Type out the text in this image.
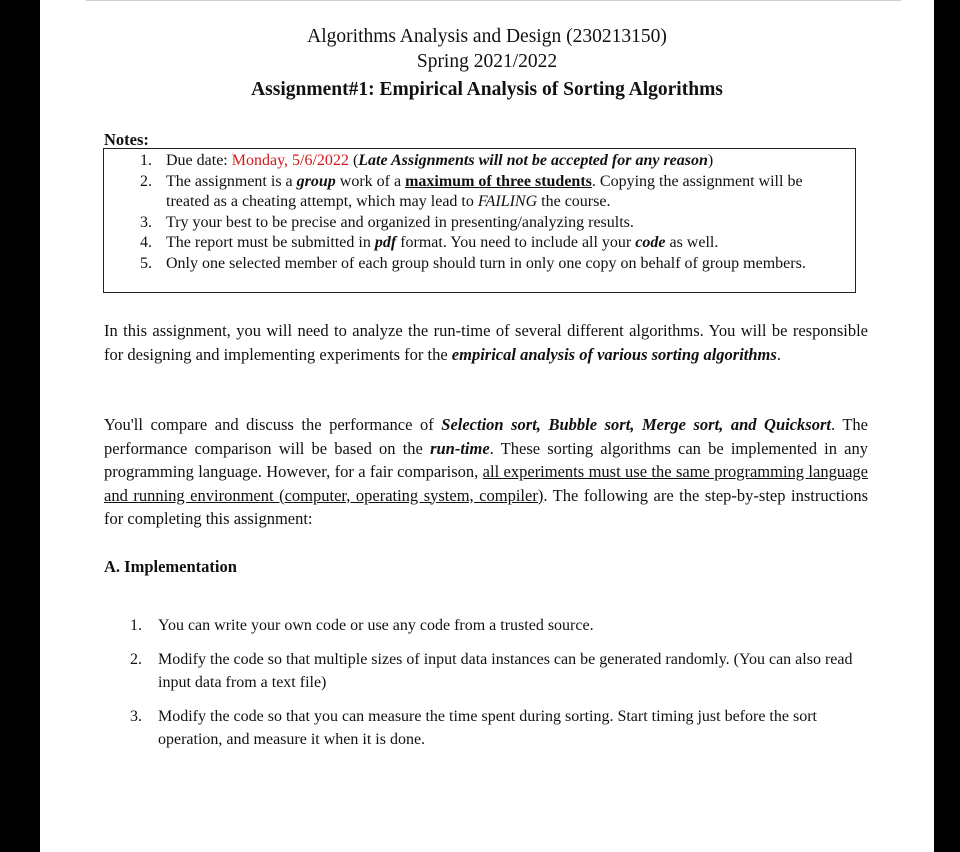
Algorithms Analysis and Design (230213150)
Spring 2021/2022
Assignment#1: Empirical Analysis of Sorting Algorithms
Notes:
1. Due date: Monday, 5/6/2022 (Late Assignments will not be accepted for any reason)
2. The assignment is a group work of a maximum of three students. Copying the assignment will be treated as a cheating attempt, which may lead to FAILING the course.
3. Try your best to be precise and organized in presenting/analyzing results.
4. The report must be submitted in pdf format. You need to include all your code as well.
5. Only one selected member of each group should turn in only one copy on behalf of group members.

In this assignment, you will need to analyze the run-time of several different algorithms. You will be responsible for designing and implementing experiments for the empirical analysis of various sorting algorithms.

You'll compare and discuss the performance of Selection sort, Bubble sort, Merge sort, and Quicksort. The performance comparison will be based on the run-time. These sorting algorithms can be implemented in any programming language. However, for a fair comparison, all experiments must use the same programming language and running environment (computer, operating system, compiler). The following are the step-by-step instructions for completing this assignment:

A. Implementation
1. You can write your own code or use any code from a trusted source.
2. Modify the code so that multiple sizes of input data instances can be generated randomly. (You can also read input data from a text file)
3. Modify the code so that you can measure the time spent during sorting. Start timing just before the sort operation, and measure it when it is done.
